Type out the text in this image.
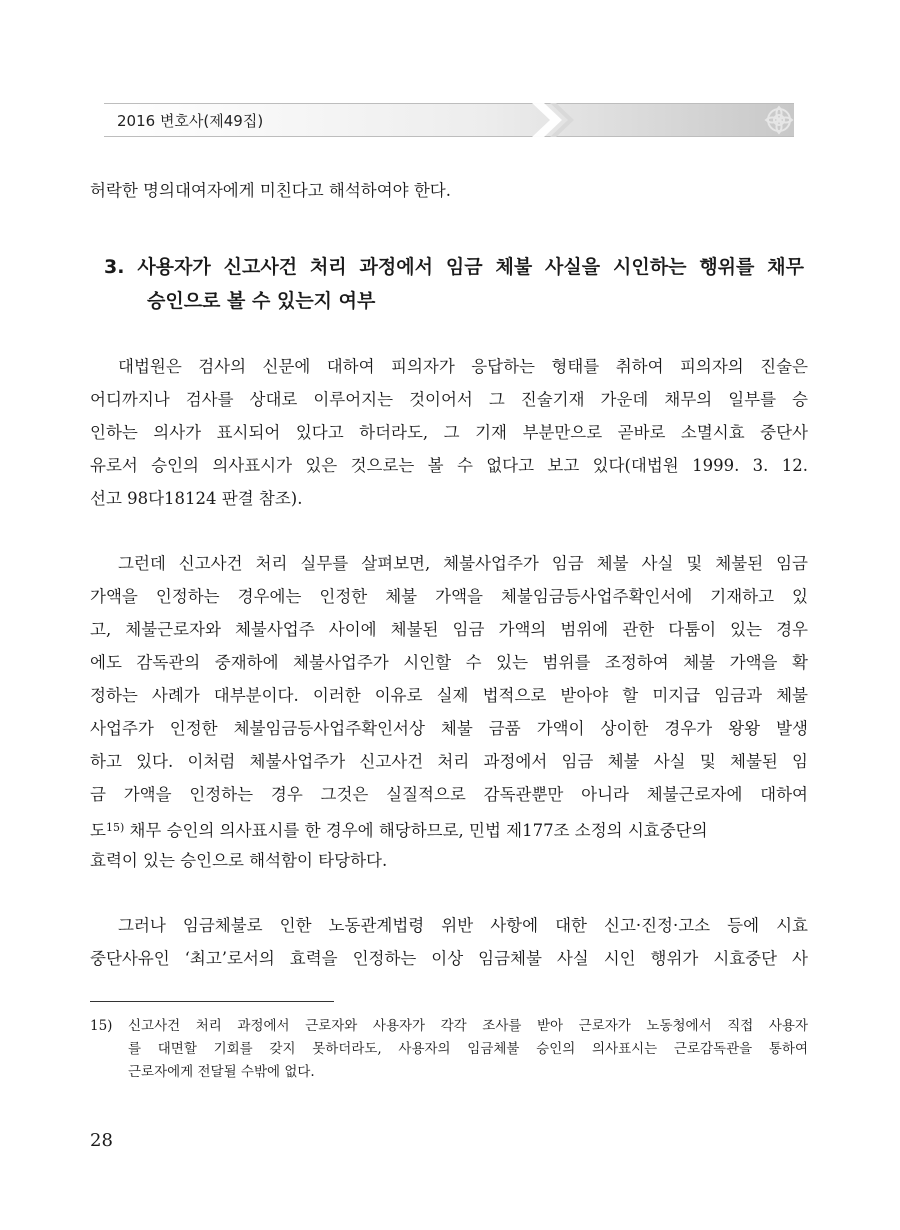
2016 변호사(제49집)
허락한 명의대여자에게 미친다고 해석하여야 한다.
3. 사용자가 신고사건 처리 과정에서 임금 체불 사실을 시인하는 행위를 채무
승인으로 볼 수 있는지 여부
대법원은 검사의 신문에 대하여 피의자가 응답하는 형태를 취하여 피의자의 진술은
어디까지나 검사를 상대로 이루어지는 것이어서 그 진술기재 가운데 채무의 일부를 승
인하는 의사가 표시되어 있다고 하더라도, 그 기재 부분만으로 곧바로 소멸시효 중단사
유로서 승인의 의사표시가 있은 것으로는 볼 수 없다고 보고 있다(대법원 1999. 3. 12.
선고 98다18124 판결 참조).
그런데 신고사건 처리 실무를 살펴보면, 체불사업주가 임금 체불 사실 및 체불된 임금
가액을 인정하는 경우에는 인정한 체불 가액을 체불임금등사업주확인서에 기재하고 있
고, 체불근로자와 체불사업주 사이에 체불된 임금 가액의 범위에 관한 다툼이 있는 경우
에도 감독관의 중재하에 체불사업주가 시인할 수 있는 범위를 조정하여 체불 가액을 확
정하는 사례가 대부분이다. 이러한 이유로 실제 법적으로 받아야 할 미지급 임금과 체불
사업주가 인정한 체불임금등사업주확인서상 체불 금품 가액이 상이한 경우가 왕왕 발생
하고 있다. 이처럼 체불사업주가 신고사건 처리 과정에서 임금 체불 사실 및 체불된 임
금 가액을 인정하는 경우 그것은 실질적으로 감독관뿐만 아니라 체불근로자에 대하여
도$^{15)}$ 채무 승인의 의사표시를 한 경우에 해당하므로, 민법 제177조 소정의 시효중단의
효력이 있는 승인으로 해석함이 타당하다.
그러나 임금체불로 인한 노동관계법령 위반 사항에 대한 신고·진정·고소 등에 시효
중단사유인 ‘최고’로서의 효력을 인정하는 이상 임금체불 사실 시인 행위가 시효중단 사
15) 신고사건 처리 과정에서 근로자와 사용자가 각각 조사를 받아 근로자가 노동청에서 직접 사용자
를 대면할 기회를 갖지 못하더라도, 사용자의 임금체불 승인의 의사표시는 근로감독관을 통하여
근로자에게 전달될 수밖에 없다.
28
